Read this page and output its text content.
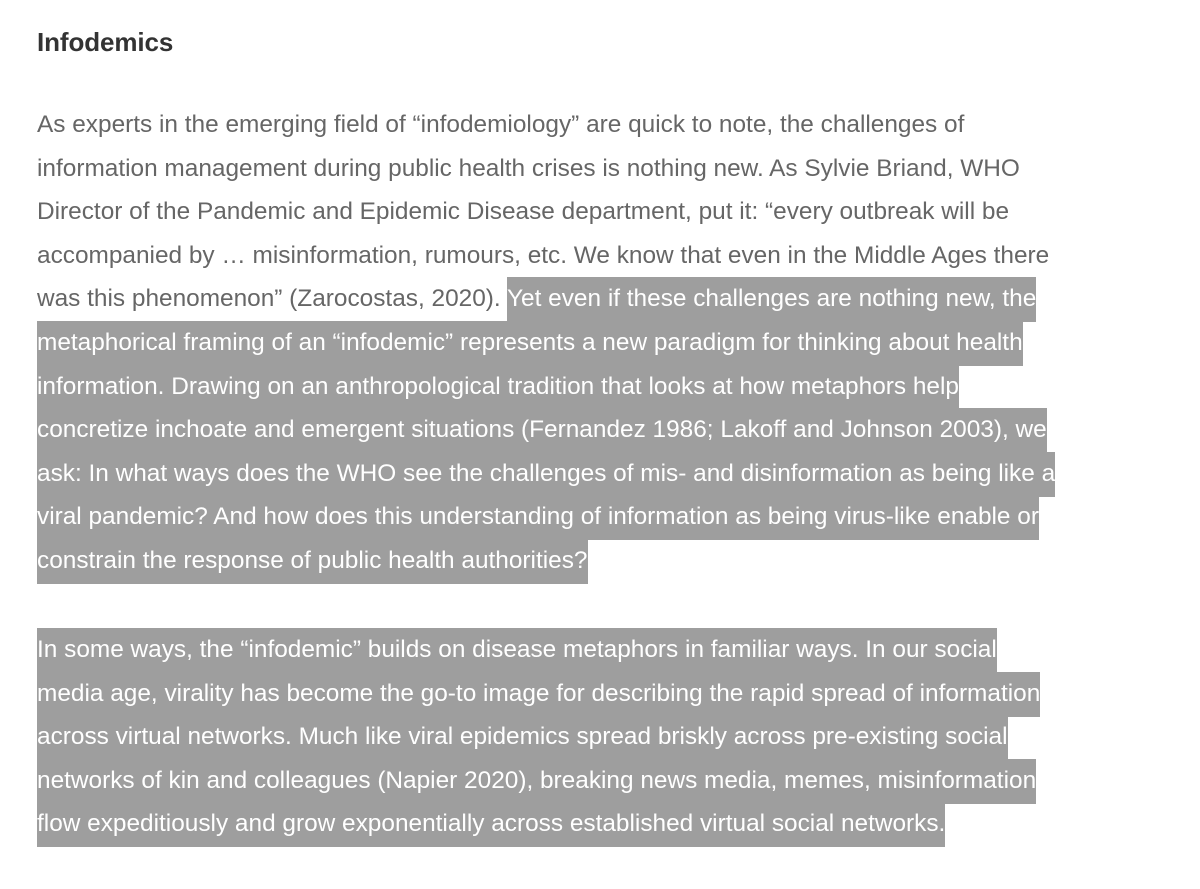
Infodemics

As experts in the emerging field of “infodemiology” are quick to note, the challenges of
information management during public health crises is nothing new. As Sylvie Briand, WHO
Director of the Pandemic and Epidemic Disease department, put it: “every outbreak will be
accompanied by … misinformation, rumours, etc. We know that even in the Middle Ages there
was this phenomenon” (Zarocostas, 2020). Yet even if these challenges are nothing new, the
metaphorical framing of an “infodemic” represents a new paradigm for thinking about health
information. Drawing on an anthropological tradition that looks at how metaphors help
concretize inchoate and emergent situations (Fernandez 1986; Lakoff and Johnson 2003), we
ask: In what ways does the WHO see the challenges of mis- and disinformation as being like a
viral pandemic? And how does this understanding of information as being virus-like enable or
constrain the response of public health authorities?

In some ways, the “infodemic” builds on disease metaphors in familiar ways. In our social
media age, virality has become the go-to image for describing the rapid spread of information
across virtual networks. Much like viral epidemics spread briskly across pre-existing social
networks of kin and colleagues (Napier 2020), breaking news media, memes, misinformation
flow expeditiously and grow exponentially across established virtual social networks.
